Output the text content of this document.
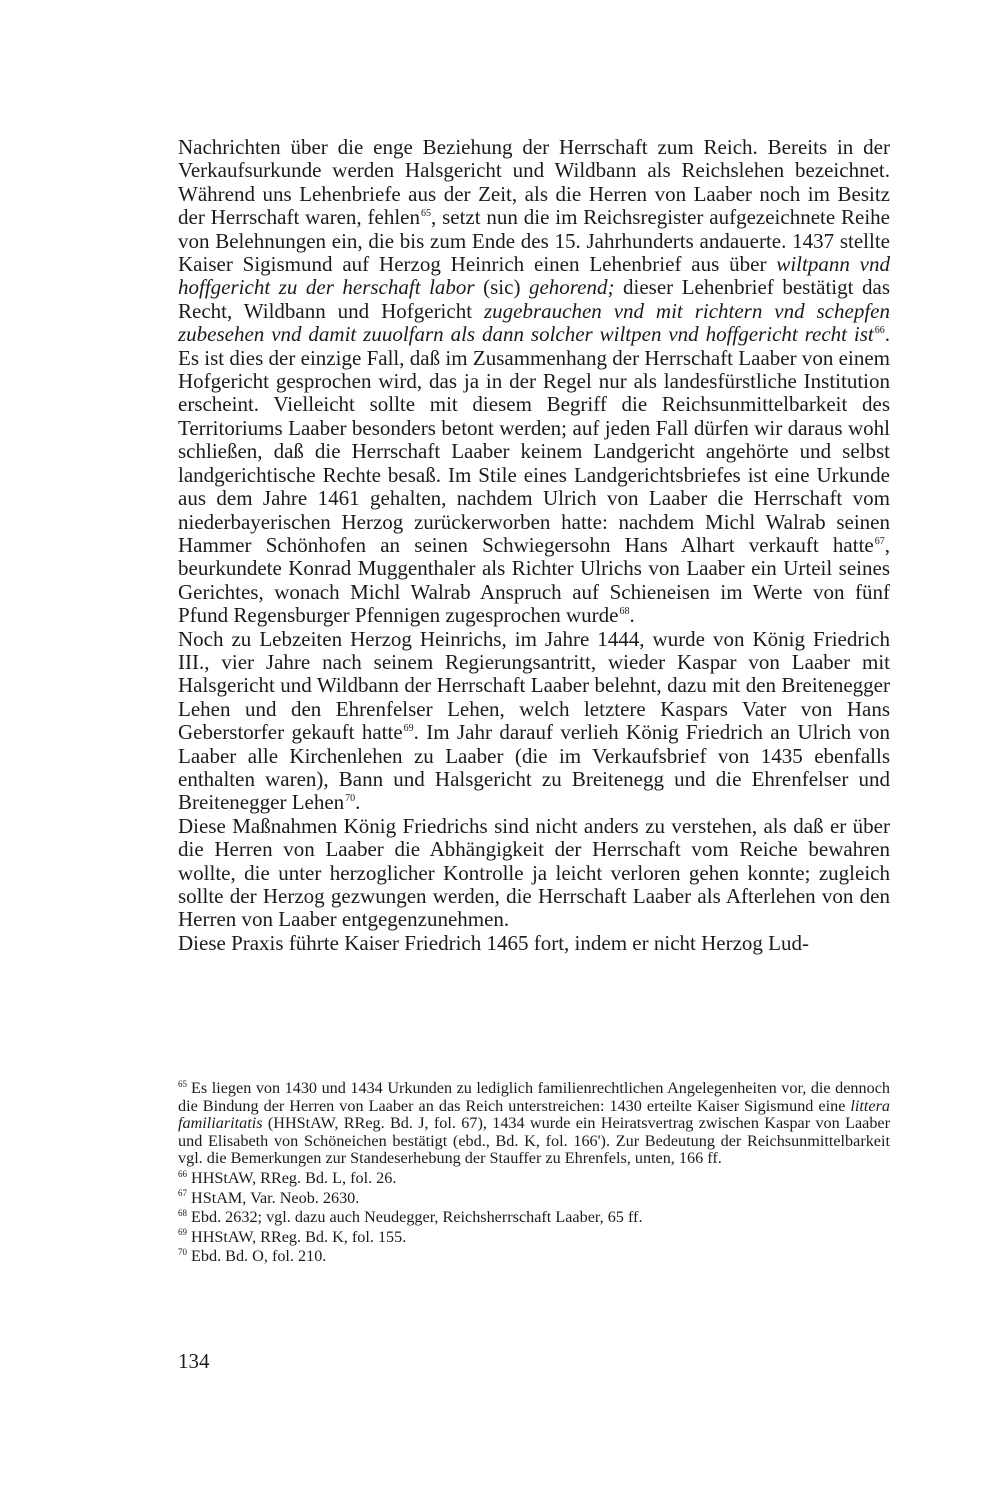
Nachrichten über die enge Beziehung der Herrschaft zum Reich. Bereits in der Verkaufsurkunde werden Halsgericht und Wildbann als Reichslehen bezeichnet. Während uns Lehenbriefe aus der Zeit, als die Herren von Laaber noch im Besitz der Herrschaft waren, fehlen$^{65}$, setzt nun die im Reichsregister aufgezeichnete Reihe von Belehnungen ein, die bis zum Ende des 15. Jahrhunderts andauerte. 1437 stellte Kaiser Sigismund auf Herzog Heinrich einen Lehenbrief aus über wiltpann vnd hoffgericht zu der herschaft labor (sic) gehorend; dieser Lehenbrief bestätigt das Recht, Wildbann und Hofgericht zugebrauchen vnd mit richtern vnd schepfen zubesehen vnd damit zuuolfarn als dann solcher wiltpen vnd hoffgericht recht ist$^{66}$. Es ist dies der einzige Fall, daß im Zusammenhang der Herrschaft Laaber von einem Hofgericht gesprochen wird, das ja in der Regel nur als landesfürstliche Institution erscheint. Vielleicht sollte mit diesem Begriff die Reichsunmittelbarkeit des Territoriums Laaber besonders betont werden; auf jeden Fall dürfen wir daraus wohl schließen, daß die Herrschaft Laaber keinem Landgericht angehörte und selbst landgerichtische Rechte besaß. Im Stile eines Landgerichtsbriefes ist eine Urkunde aus dem Jahre 1461 gehalten, nachdem Ulrich von Laaber die Herrschaft vom niederbayerischen Herzog zurückerworben hatte: nachdem Michl Walrab seinen Hammer Schönhofen an seinen Schwiegersohn Hans Alhart verkauft hatte$^{67}$, beurkundete Konrad Muggenthaler als Richter Ulrichs von Laaber ein Urteil seines Gerichtes, wonach Michl Walrab Anspruch auf Schieneisen im Werte von fünf Pfund Regensburger Pfennigen zugesprochen wurde$^{68}$.

Noch zu Lebzeiten Herzog Heinrichs, im Jahre 1444, wurde von König Friedrich III., vier Jahre nach seinem Regierungsantritt, wieder Kaspar von Laaber mit Halsgericht und Wildbann der Herrschaft Laaber belehnt, dazu mit den Breitenegger Lehen und den Ehrenfelser Lehen, welch letztere Kaspars Vater von Hans Geberstorfer gekauft hatte$^{69}$. Im Jahr darauf verlieh König Friedrich an Ulrich von Laaber alle Kirchenlehen zu Laaber (die im Verkaufsbrief von 1435 ebenfalls enthalten waren), Bann und Halsgericht zu Breitenegg und die Ehrenfelser und Breitenegger Lehen$^{70}$.

Diese Maßnahmen König Friedrichs sind nicht anders zu verstehen, als daß er über die Herren von Laaber die Abhängigkeit der Herrschaft vom Reiche bewahren wollte, die unter herzoglicher Kontrolle ja leicht verloren gehen konnte; zugleich sollte der Herzog gezwungen werden, die Herrschaft Laaber als Afterlehen von den Herren von Laaber entgegenzunehmen.

Diese Praxis führte Kaiser Friedrich 1465 fort, indem er nicht Herzog Lud-

$^{65}$ Es liegen von 1430 und 1434 Urkunden zu lediglich familienrechtlichen Angelegenheiten vor, die dennoch die Bindung der Herren von Laaber an das Reich unterstreichen: 1430 erteilte Kaiser Sigismund eine littera familiaritatis (HHStAW, RReg. Bd. J, fol. 67), 1434 wurde ein Heiratsvertrag zwischen Kaspar von Laaber und Elisabeth von Schöneichen bestätigt (ebd., Bd. K, fol. 166'). Zur Bedeutung der Reichsunmittelbarkeit vgl. die Bemerkungen zur Standeserhebung der Stauffer zu Ehrenfels, unten, 166 ff.

$^{66}$ HHStAW, RReg. Bd. L, fol. 26.

$^{67}$ HStAM, Var. Neob. 2630.

$^{68}$ Ebd. 2632; vgl. dazu auch Neudegger, Reichsherrschaft Laaber, 65 ff.

$^{69}$ HHStAW, RReg. Bd. K, fol. 155.

$^{70}$ Ebd. Bd. O, fol. 210.

134
